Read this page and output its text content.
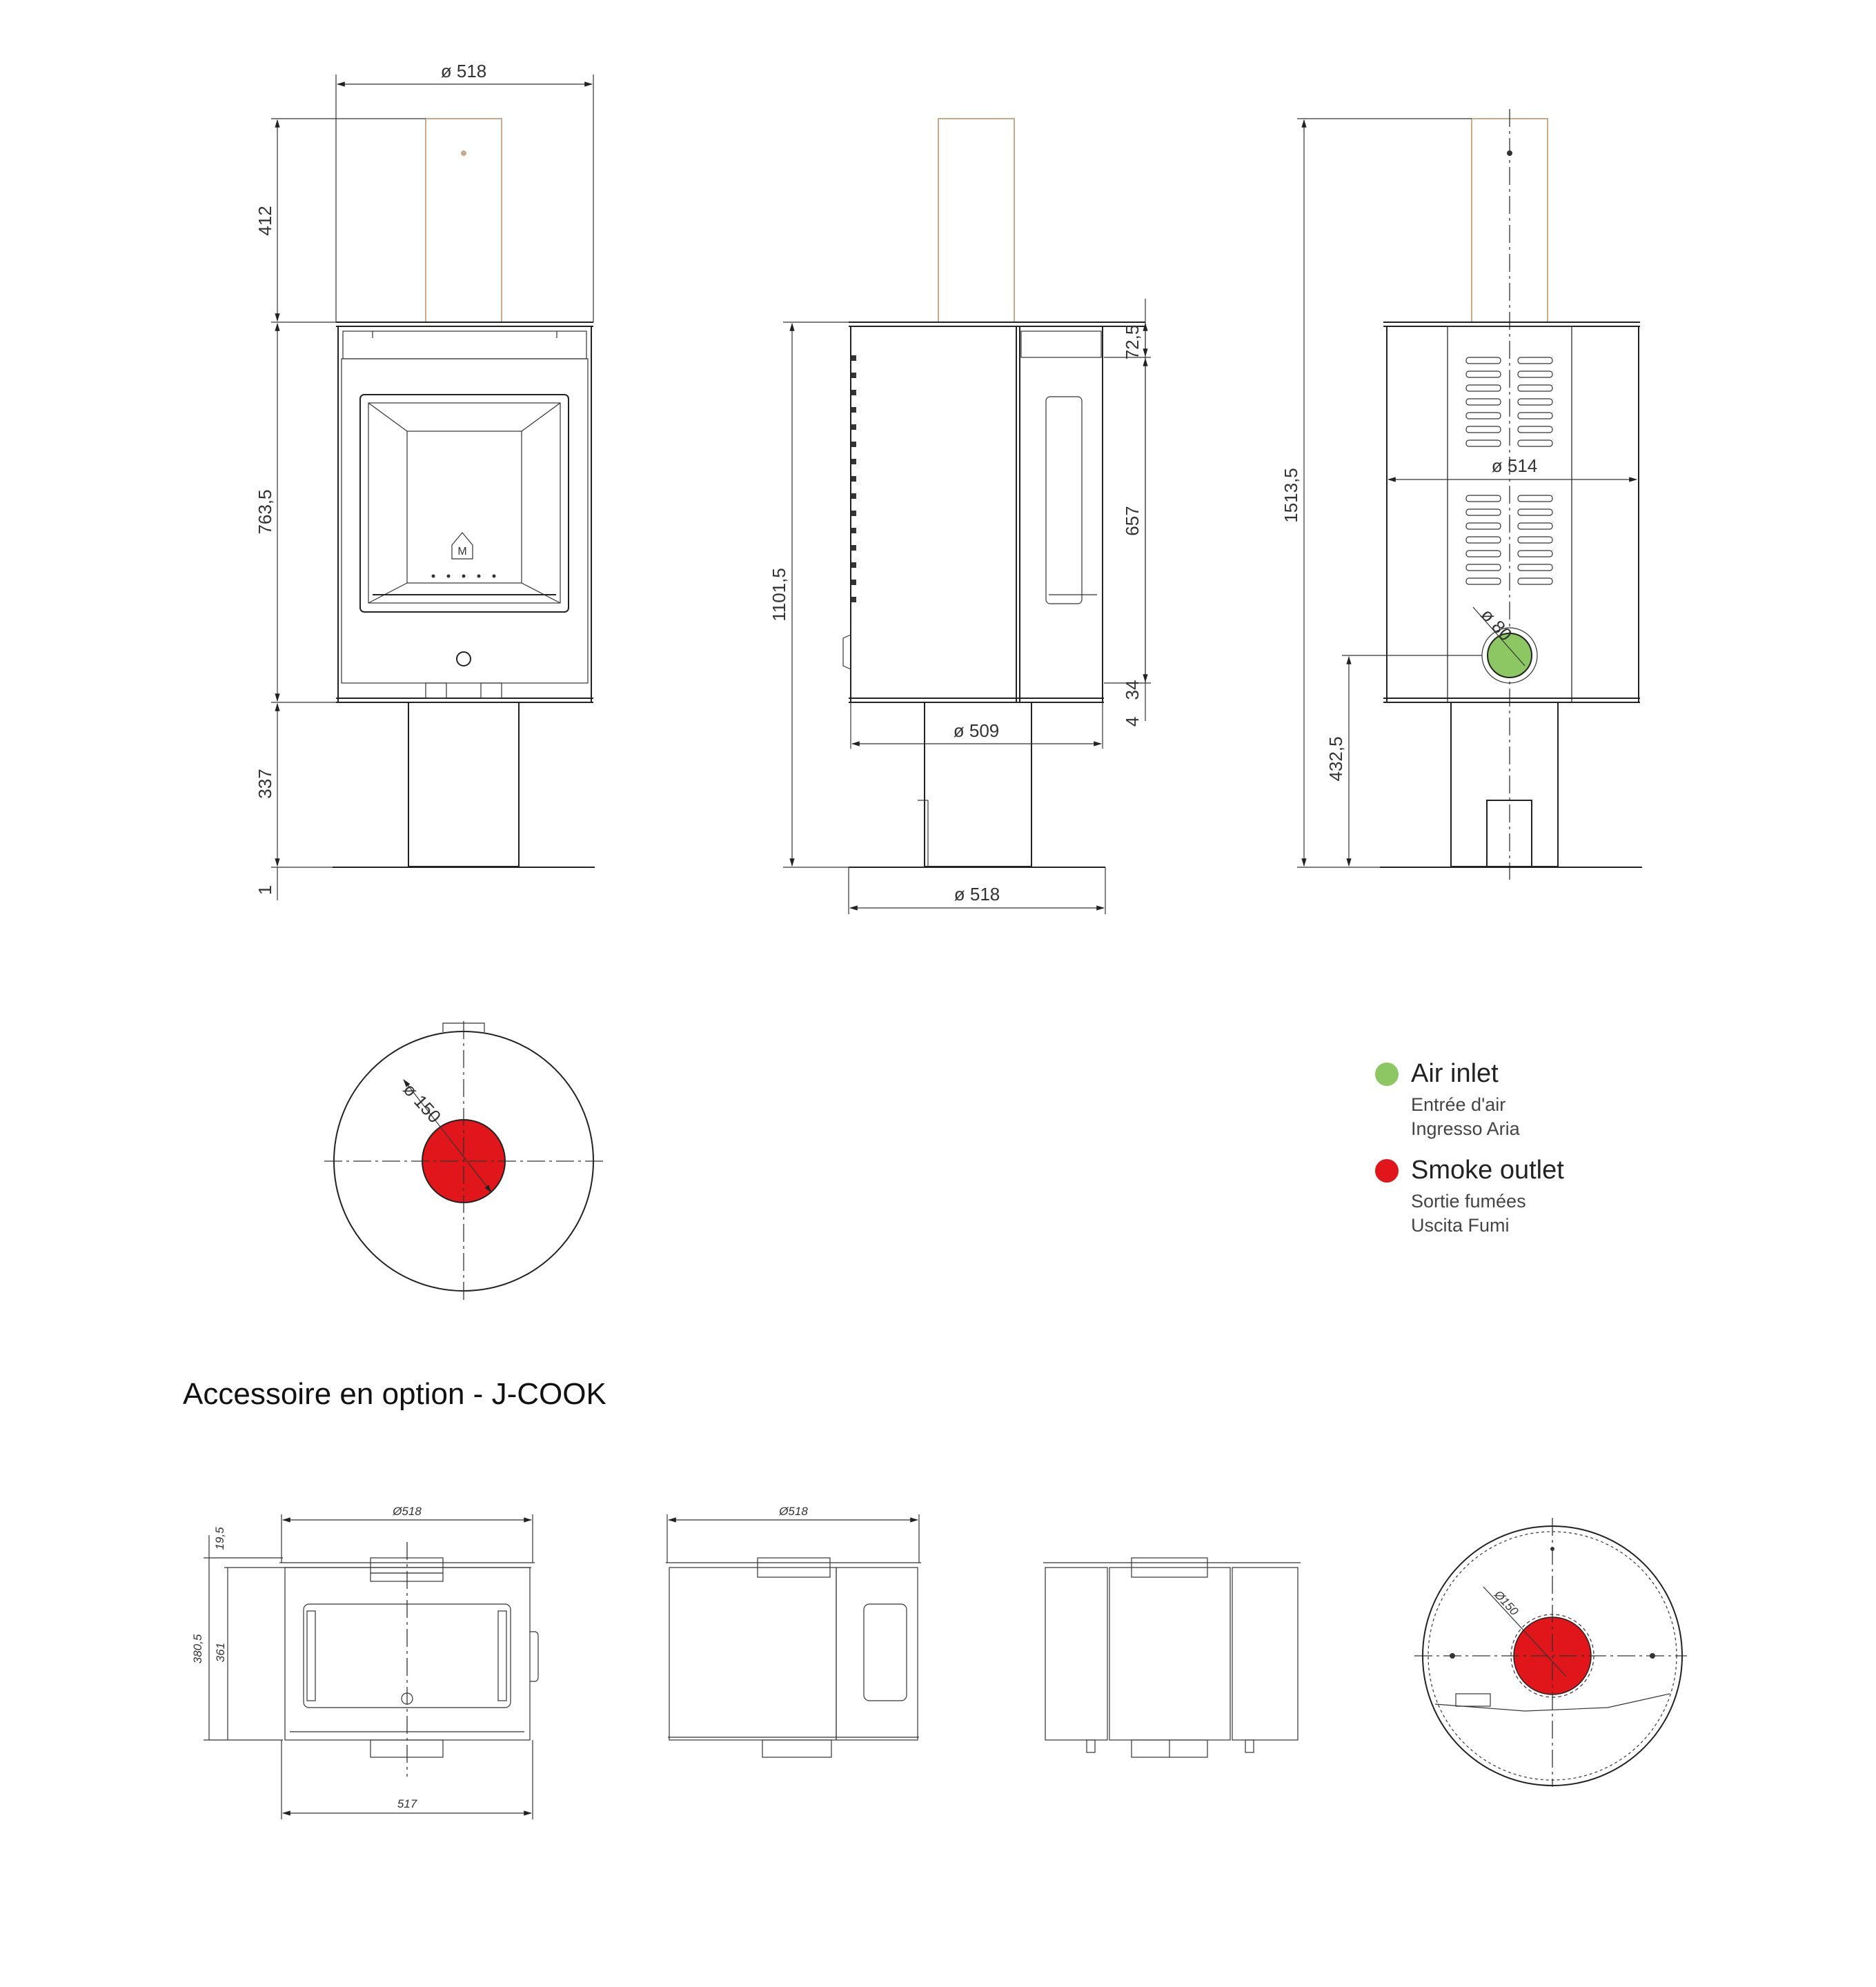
M
ø 518
412
763,5
337
1
1101,5
72,5
657
34
4
ø 509
ø 518
ø 80
ø 514
1513,5
432,5
ø 150
Air inlet
Entrée d'air
Ingresso Aria
Smoke outlet
Sortie fumées
Uscita Fumi
Accessoire en option - J-COOK
Ø518
517
19,5
380,5 361
Ø518
Ø150
